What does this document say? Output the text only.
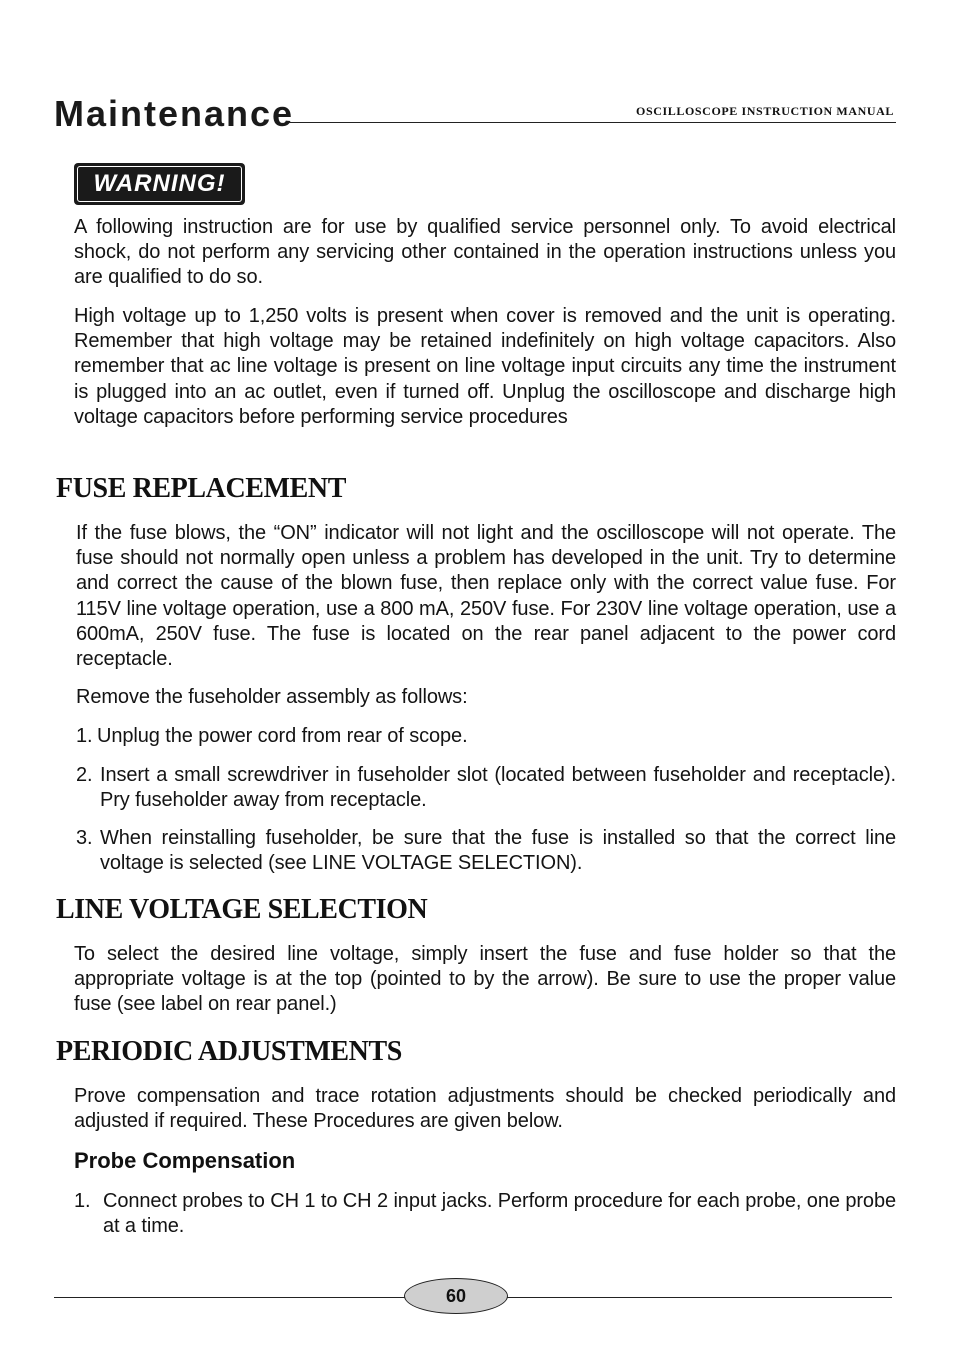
Maintenance	OSCILLOSCOPE INSTRUCTION MANUAL
WARNING!
A following instruction are for use by qualified service personnel only. To avoid electrical shock, do not perform any servicing other contained in the operation instructions unless you are qualified to do so.
High voltage up to 1,250 volts is present when cover is removed and the unit is operating. Remember that high voltage may be retained indefinitely on high voltage capacitors. Also remember that ac line voltage is present on line voltage input circuits any time the instrument is plugged into an ac outlet, even if turned off. Unplug the oscilloscope and discharge high voltage capacitors before performing service procedures
FUSE REPLACEMENT
If the fuse blows, the “ON” indicator will not light and the oscilloscope will not operate. The fuse should not normally open unless a problem has developed in the unit. Try to determine and correct the cause of the blown fuse, then replace only with the correct value fuse. For 115V line voltage operation, use a 800 mA, 250V fuse. For 230V line voltage operation, use a 600mA, 250V fuse. The fuse is located on the rear panel adjacent to the power cord receptacle.
Remove the fuseholder assembly as follows:
1. Unplug the power cord from rear of scope.
2. Insert a small screwdriver in fuseholder slot (located between fuseholder and receptacle). Pry fuseholder away from receptacle.
3. When reinstalling fuseholder, be sure that the fuse is installed so that the correct line voltage is selected (see LINE VOLTAGE SELECTION).
LINE VOLTAGE SELECTION
To select the desired line voltage, simply insert the fuse and fuse holder so that the appropriate voltage is at the top (pointed to by the arrow). Be sure to use the proper value fuse (see label on rear panel.)
PERIODIC ADJUSTMENTS
Prove compensation and trace rotation adjustments should be checked periodically and adjusted if required. These Procedures are given below.
Probe Compensation
1. Connect probes to CH 1 to CH 2 input jacks. Perform procedure for each probe, one probe at a time.
60
